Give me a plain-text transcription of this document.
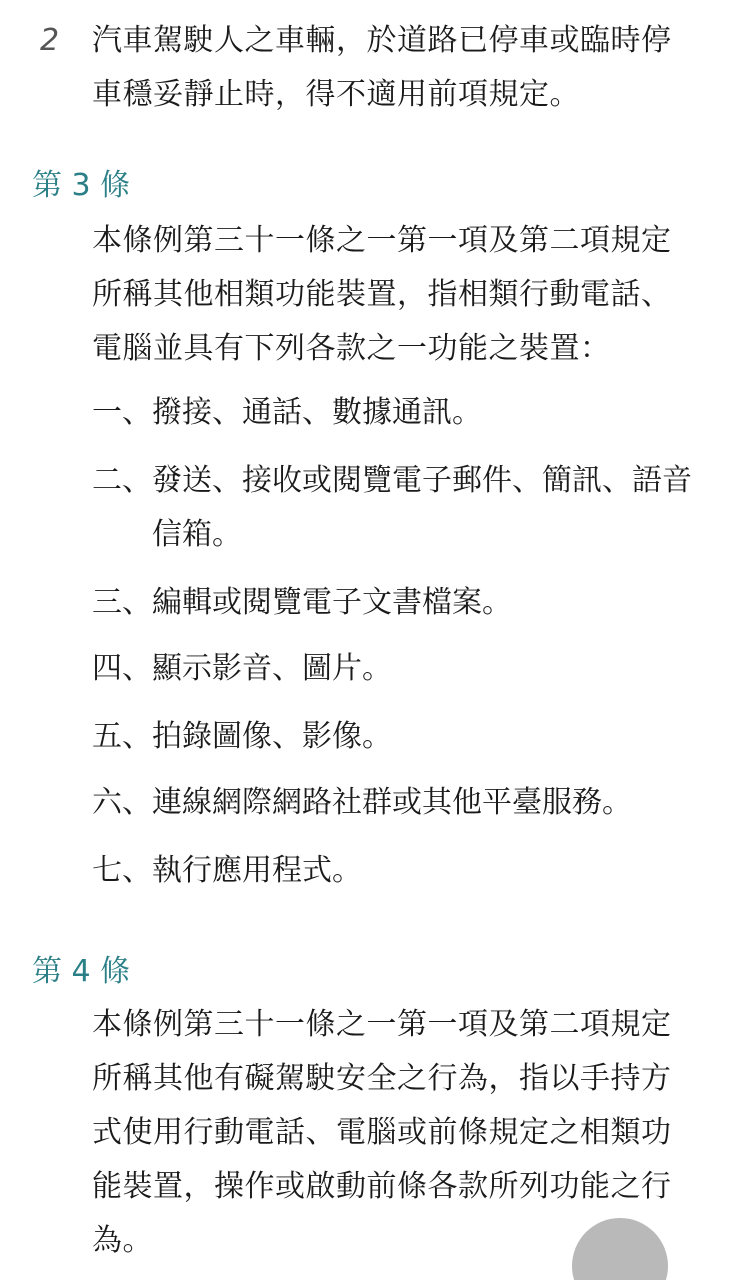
2 汽車駕駛人之車輛，於道路已停車或臨時停車穩妥靜止時，得不適用前項規定。
第 3 條
本條例第三十一條之一第一項及第二項規定所稱其他相類功能裝置，指相類行動電話、電腦並具有下列各款之一功能之裝置：
一、 撥接、通話、數據通訊。
二、 發送、接收或閱覽電子郵件、簡訊、語音信箱。
三、 編輯或閱覽電子文書檔案。
四、 顯示影音、圖片。
五、 拍錄圖像、影像。
六、 連線網際網路社群或其他平臺服務。
七、 執行應用程式。
第 4 條
本條例第三十一條之一第一項及第二項規定所稱其他有礙駕駛安全之行為，指以手持方式使用行動電話、電腦或前條規定之相類功能裝置，操作或啟動前條各款所列功能之行為。
